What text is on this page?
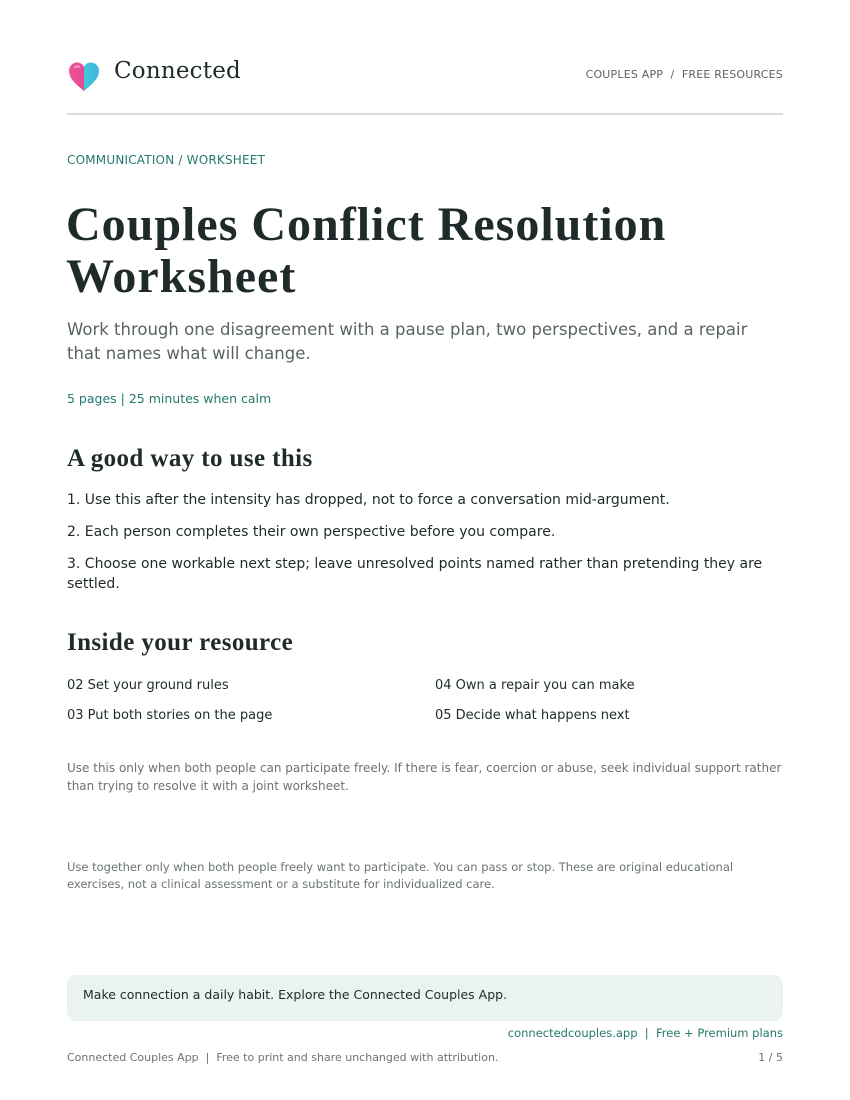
Connected	COUPLES APP  /  FREE RESOURCES
COMMUNICATION / WORKSHEET
Couples Conflict Resolution
Worksheet

Work through one disagreement with a pause plan, two perspectives, and a repair that names what will change.

5 pages | 25 minutes when calm
A good way to use this

1. Use this after the intensity has dropped, not to force a conversation mid-argument.

2. Each person completes their own perspective before you compare.

3. Choose one workable next step; leave unresolved points named rather than pretending they are settled.

Inside your resource
02 Set your ground rules
03 Put both stories on the page
04 Own a repair you can make
05 Decide what happens next

Use this only when both people can participate freely. If there is fear, coercion or abuse, seek individual support rather than trying to resolve it with a joint worksheet.

Use together only when both people freely want to participate. You can pass or stop. These are original educational exercises, not a clinical assessment or a substitute for individualized care.

Make connection a daily habit. Explore the Connected Couples App.
connectedcouples.app  |  Free + Premium plans
Connected Couples App  |  Free to print and share unchanged with attribution.	1 / 5
